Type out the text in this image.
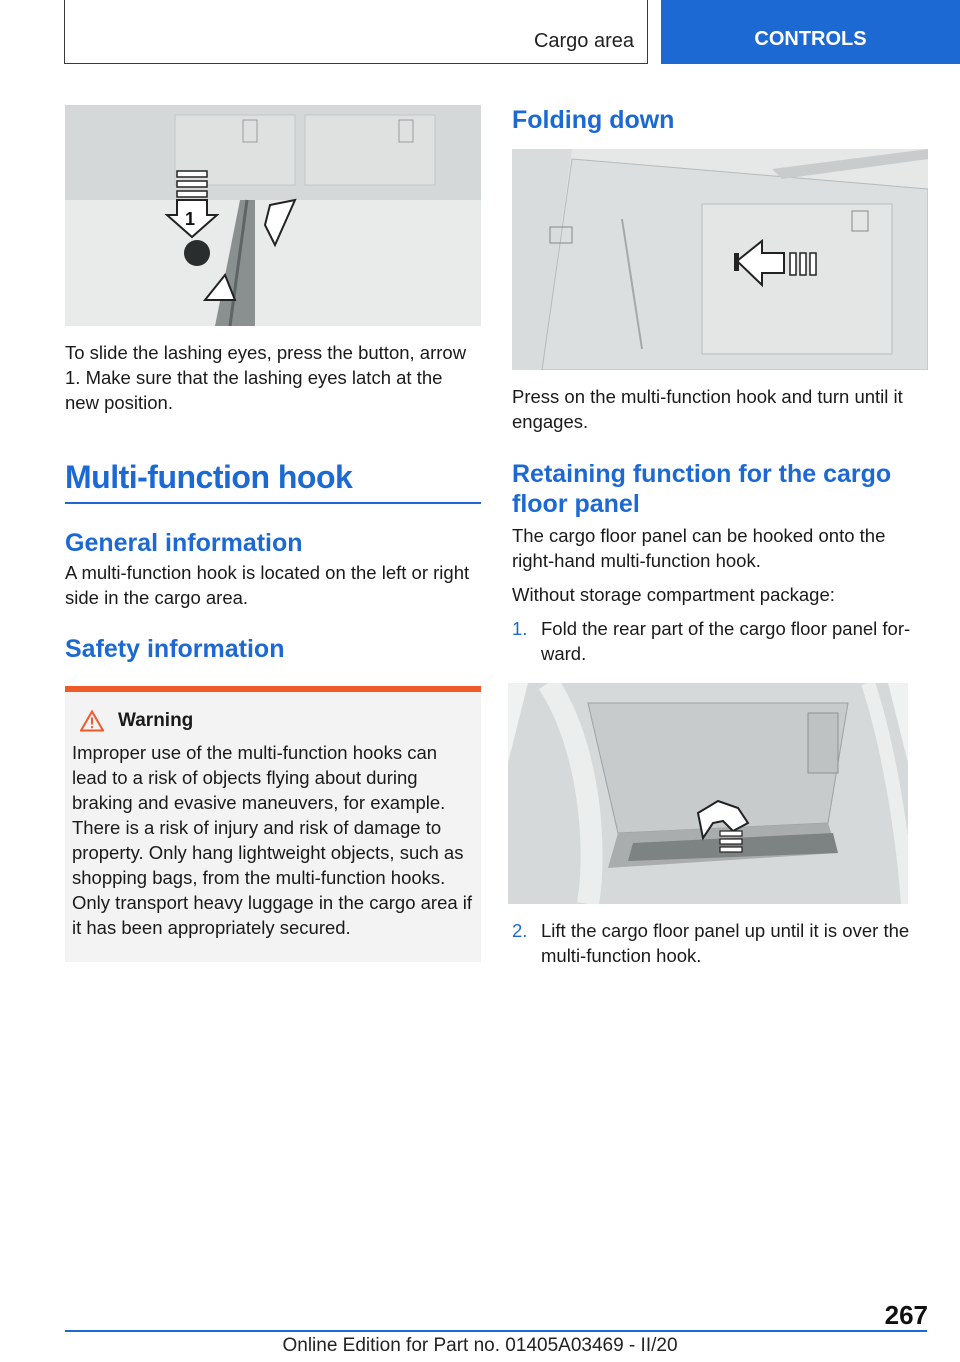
Cargo area	CONTROLS
1

To slide the lashing eyes, press the button, arrow 1. Make sure that the lashing eyes latch at the new position.

Multi-function hook
General information

A multi-function hook is located on the left or right side in the cargo area.

Safety information
Warning

Improper use of the multi-function hooks can lead to a risk of objects flying about during braking and evasive maneuvers, for example. There is a risk of injury and risk of damage to property. Only hang lightweight objects, such as shopping bags, from the multi-function hooks. Only transport heavy luggage in the cargo area if it has been appropriately secured.

Folding down

Press on the multi-function hook and turn until it engages.

Retaining function for the cargo floor panel

The cargo floor panel can be hooked onto the right-hand multi-function hook.

Without storage compartment package:

1. Fold the rear part of the cargo floor panel forward.
2. Lift the cargo floor panel up until it is over the multi-function hook.
267
Online Edition for Part no. 01405A03469 - II/20
